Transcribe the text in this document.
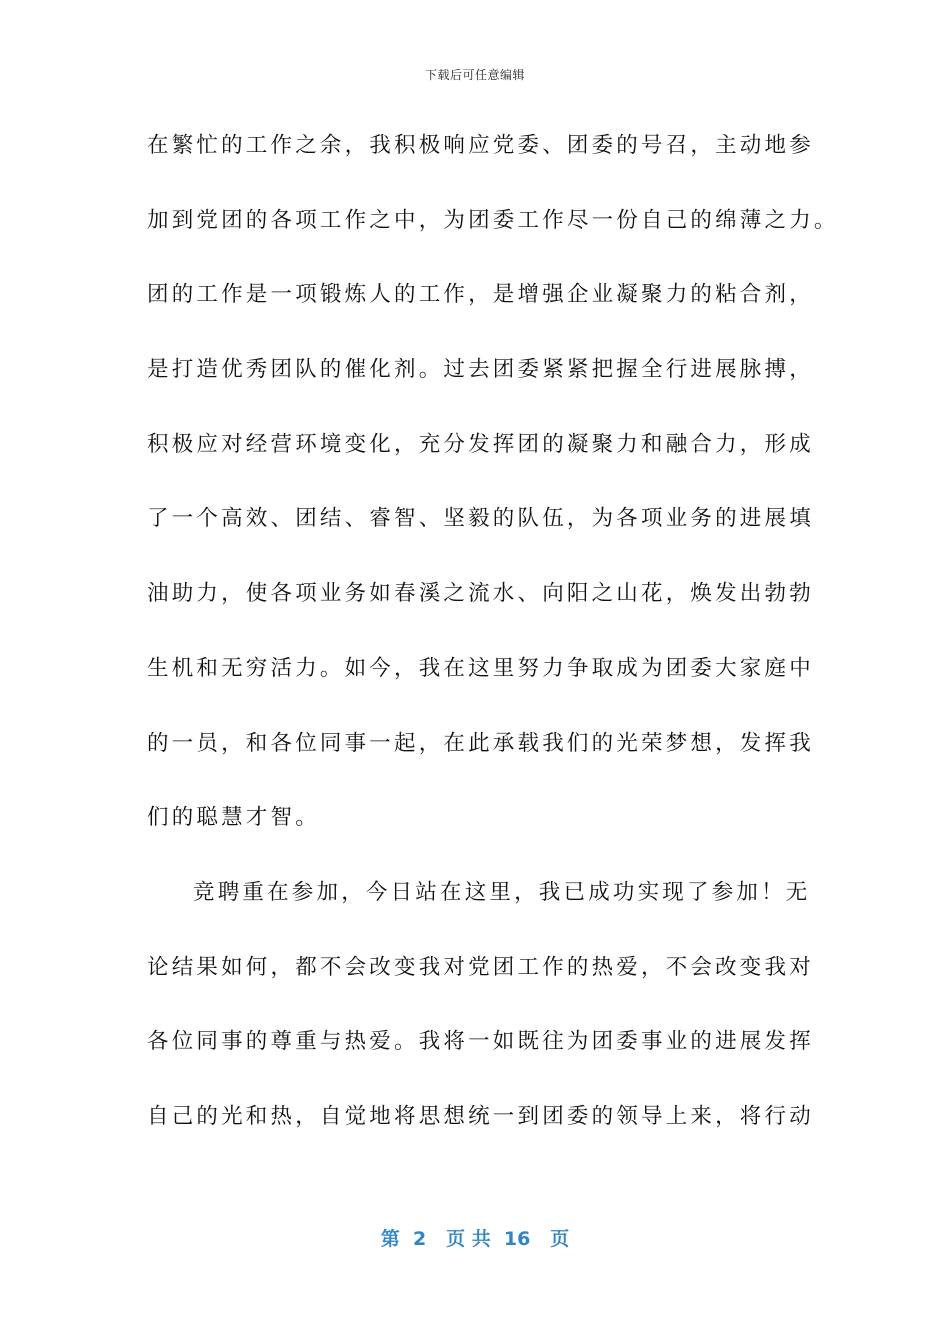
下载后可任意编辑
在繁忙的工作之余，我积极响应党委、团委的号召，主动地参
加到党团的各项工作之中，为团委工作尽一份自己的绵薄之力。
团的工作是一项锻炼人的工作，是增强企业凝聚力的粘合剂，
是打造优秀团队的催化剂。过去团委紧紧把握全行进展脉搏，
积极应对经营环境变化，充分发挥团的凝聚力和融合力，形成
了一个高效、团结、睿智、坚毅的队伍，为各项业务的进展填
油助力，使各项业务如春溪之流水、向阳之山花，焕发出勃勃
生机和无穷活力。如今，我在这里努力争取成为团委大家庭中
的一员，和各位同事一起，在此承载我们的光荣梦想，发挥我
们的聪慧才智。
竞聘重在参加，今日站在这里，我已成功实现了参加！无
论结果如何，都不会改变我对党团工作的热爱，不会改变我对
各位同事的尊重与热爱。我将一如既往为团委事业的进展发挥
自己的光和热，自觉地将思想统一到团委的领导上来，将行动
第  2   页 共  16   页
